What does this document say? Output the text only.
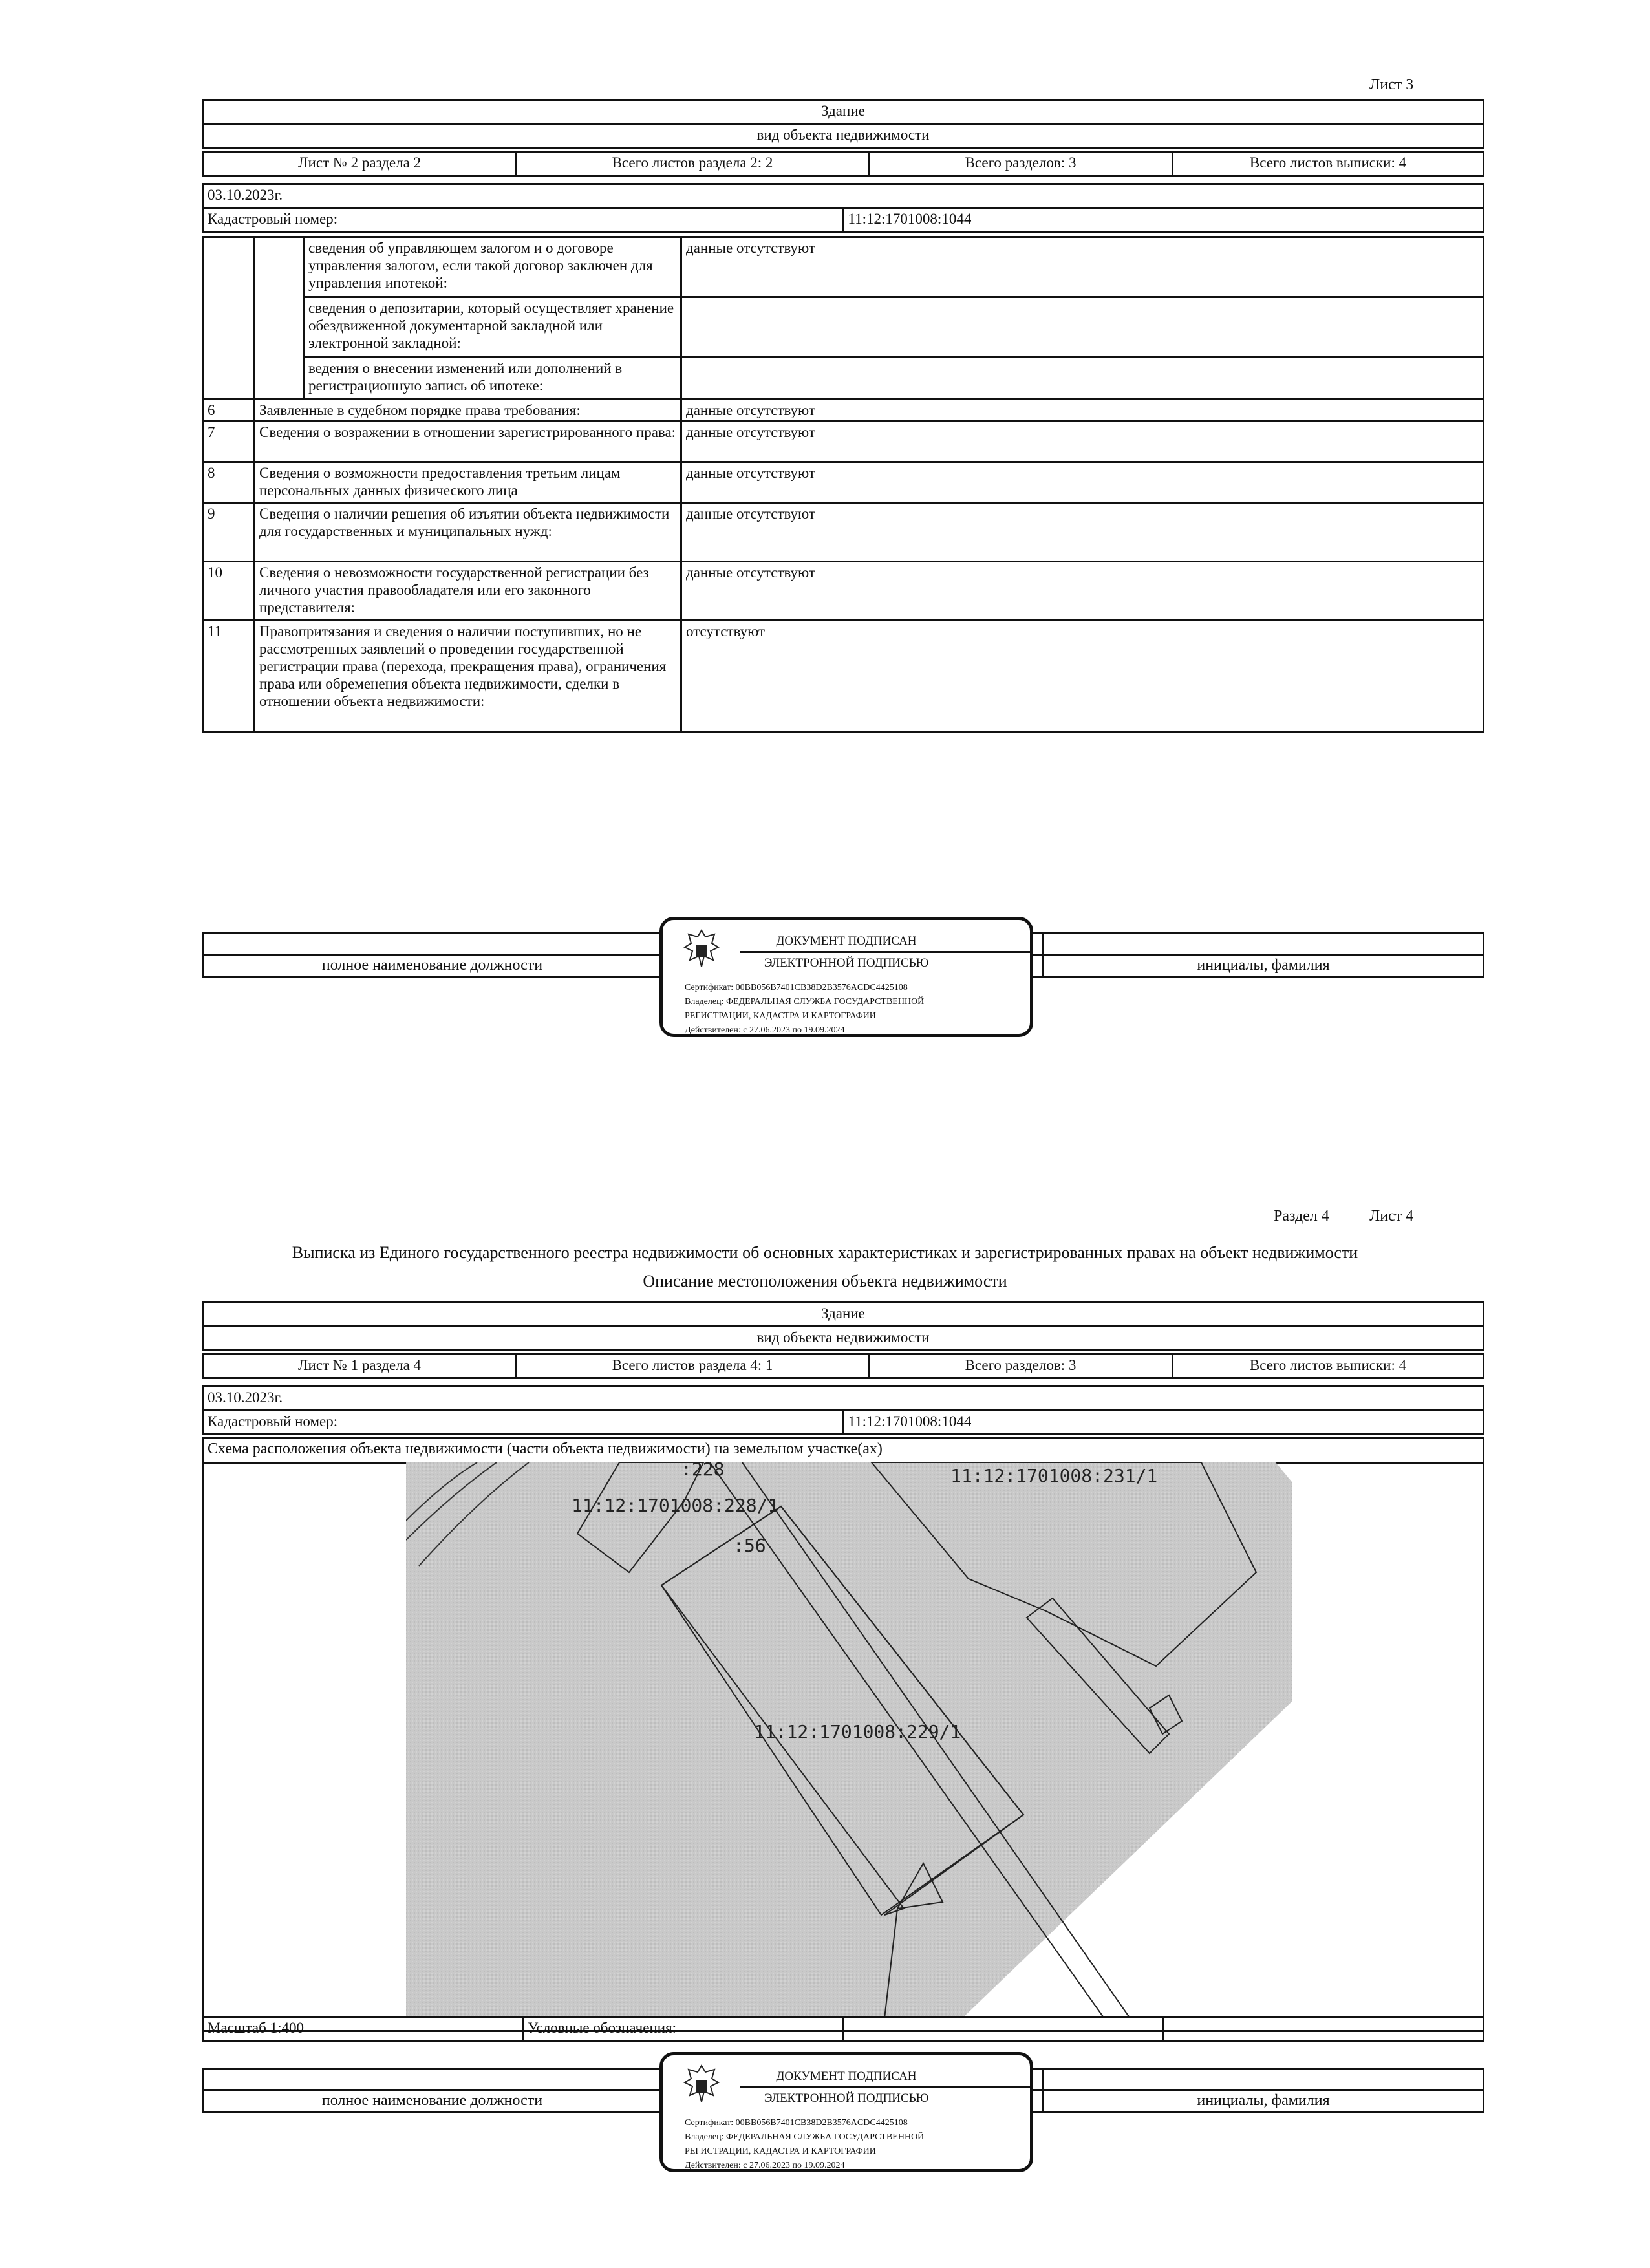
Лист 3
Здание
вид объекта недвижимости
Лист № 2 раздела 2	Всего листов раздела 2: 2	Всего разделов: 3	Всего листов выписки: 4
03.10.2023г.
Кадастровый номер:	11:12:1701008:1044
		сведения об управляющем залогом и о договоре управления залогом, если такой договор заключен для управления ипотекой:	данные отсутствуют
		сведения о депозитарии, который осуществляет хранение обездвиженной документарной закладной или электронной закладной:	
		ведения о внесении изменений или дополнений в регистрационную запись об ипотеке:	
6	Заявленные в судебном порядке права требования:		данные отсутствуют
7	Сведения о возражении в отношении зарегистрированного права:		данные отсутствуют
8	Сведения о возможности предоставления третьим лицам персональных данных физического лица		данные отсутствуют
9	Сведения о наличии решения об изъятии объекта недвижимости для государственных и муниципальных нужд:		данные отсутствуют
10	Сведения о невозможности государственной регистрации без личного участия правообладателя или его законного представителя:		данные отсутствуют
11	Правопритязания и сведения о наличии поступивших, но не рассмотренных заявлений о проведении государственной регистрации права (перехода, прекращения права), ограничения права или обременения объекта недвижимости, сделки в отношении объекта недвижимости:		отсутствуют

полное наименование должности		инициалы, фамилия
ДОКУМЕНТ ПОДПИСАН
ЭЛЕКТРОННОЙ ПОДПИСЬЮ
Сертификат: 00BB056B7401CB38D2B3576ACDC4425108
Владелец: ФЕДЕРАЛЬНАЯ СЛУЖБА ГОСУДАРСТВЕННОЙ
РЕГИСТРАЦИИ, КАДАСТРА И КАРТОГРАФИИ
Действителен: с 27.06.2023 по 19.09.2024
Раздел 4	Лист 4
Выписка из Единого государственного реестра недвижимости об основных характеристиках и зарегистрированных правах на объект недвижимости
Описание местоположения объекта недвижимости
Здание
вид объекта недвижимости
Лист № 1 раздела 4	Всего листов раздела 4: 1	Всего разделов: 3	Всего листов выписки: 4
03.10.2023г.
Кадастровый номер:	11:12:1701008:1044
Схема расположения объекта недвижимости (части объекта недвижимости) на земельном участке(ах)
:228	11:12:1701008:231/1
11:12:1701008:228/1
:56
11:12:1701008:229/1
Масштаб 1:400	Условные обозначения:		

полное наименование должности		инициалы, фамилия
ДОКУМЕНТ ПОДПИСАН
ЭЛЕКТРОННОЙ ПОДПИСЬЮ
Сертификат: 00BB056B7401CB38D2B3576ACDC4425108
Владелец: ФЕДЕРАЛЬНАЯ СЛУЖБА ГОСУДАРСТВЕННОЙ
РЕГИСТРАЦИИ, КАДАСТРА И КАРТОГРАФИИ
Действителен: с 27.06.2023 по 19.09.2024
